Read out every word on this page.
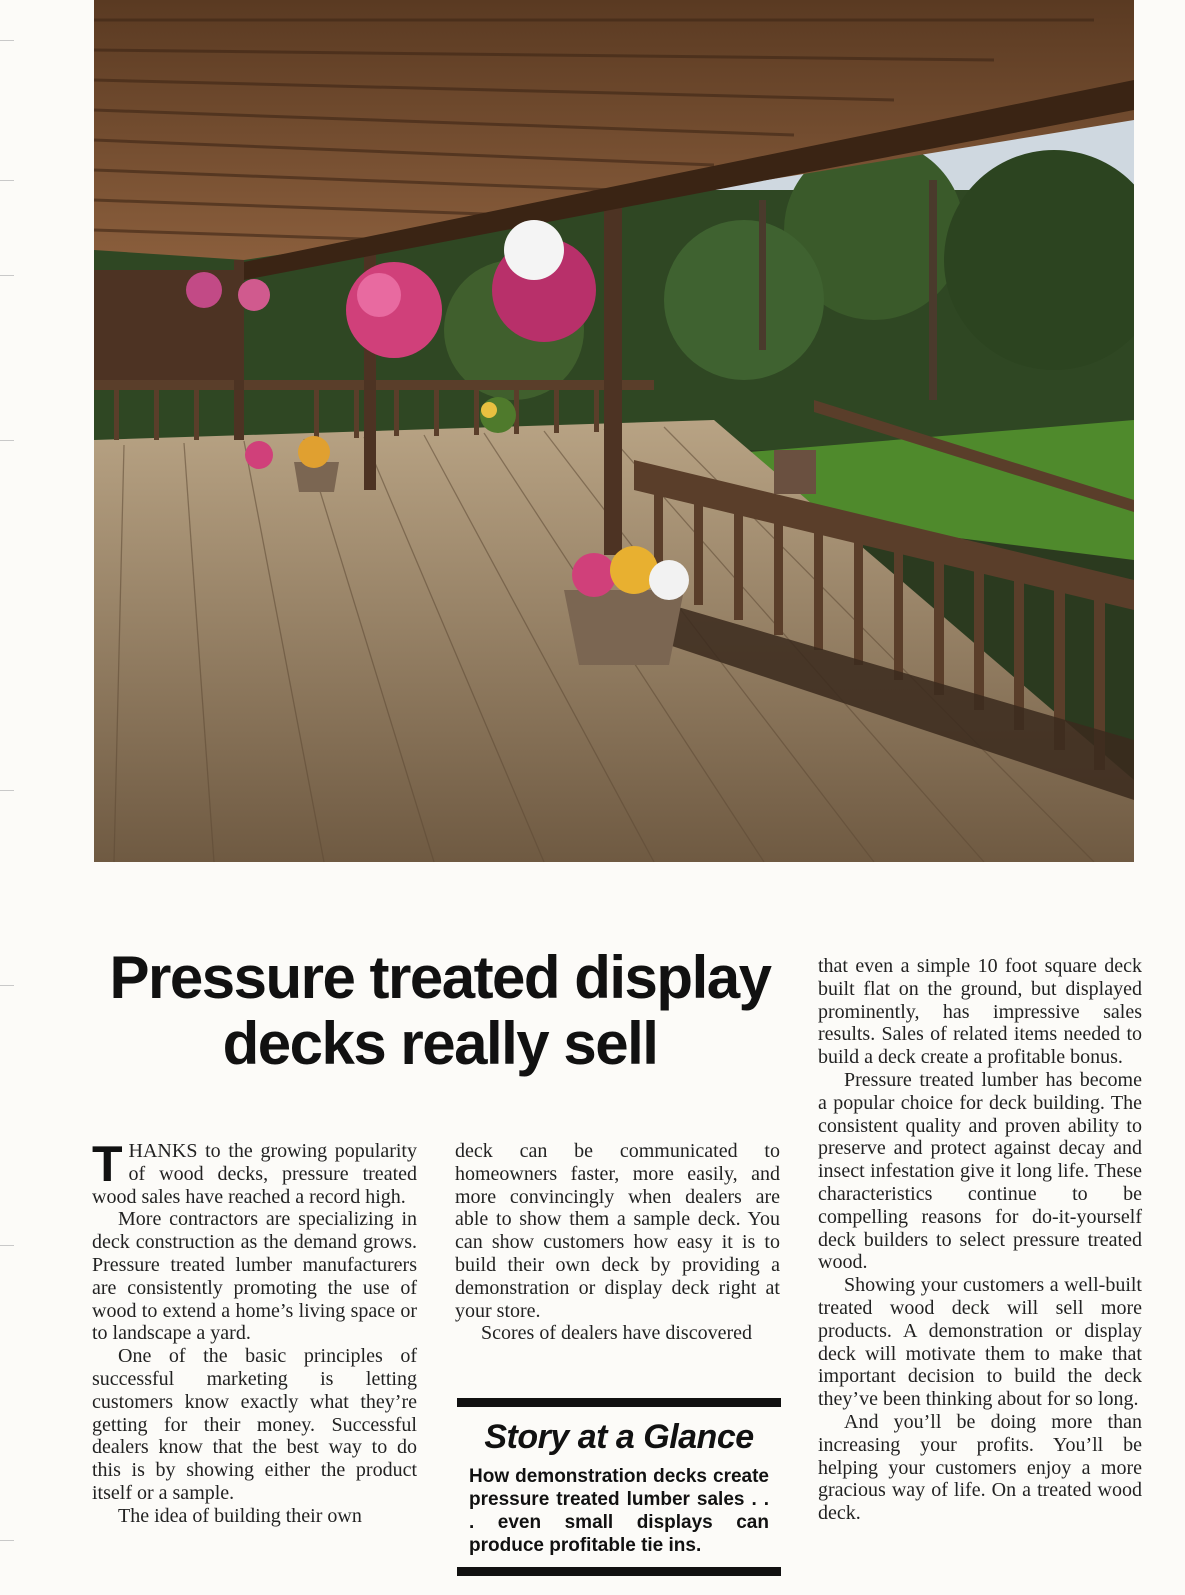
Pressure treated display
decks really sell

THANKS to the growing popularity of wood decks, pressure treated wood sales have reached a record high.

More contractors are specializing in deck construction as the demand grows. Pressure treated lumber manufacturers are consistently promoting the use of wood to extend a home’s living space or to landscape a yard.

One of the basic principles of successful marketing is letting customers know exactly what they’re getting for their money. Successful dealers know that the best way to do this is by showing either the product itself or a sample.

The idea of building their own

deck can be communicated to homeowners faster, more easily, and more convincingly when dealers are able to show them a sample deck. You can show customers how easy it is to build their own deck by providing a demonstration or display deck right at your store.

Scores of dealers have discovered

Story at a Glance
How demonstration decks create pressure treated lumber sales . . . even small displays can produce profitable tie ins.

that even a simple 10 foot square deck built flat on the ground, but displayed prominently, has impressive sales results. Sales of related items needed to build a deck create a profitable bonus.

Pressure treated lumber has become a popular choice for deck building. The consistent quality and proven ability to preserve and protect against decay and insect infestation give it long life. These characteristics continue to be compelling reasons for do-it-yourself deck builders to select pressure treated wood.

Showing your customers a well-built treated wood deck will sell more products. A demonstration or display deck will motivate them to make that important decision to build the deck they’ve been thinking about for so long.

And you’ll be doing more than increasing your profits. You’ll be helping your customers enjoy a more gracious way of life. On a treated wood deck.
